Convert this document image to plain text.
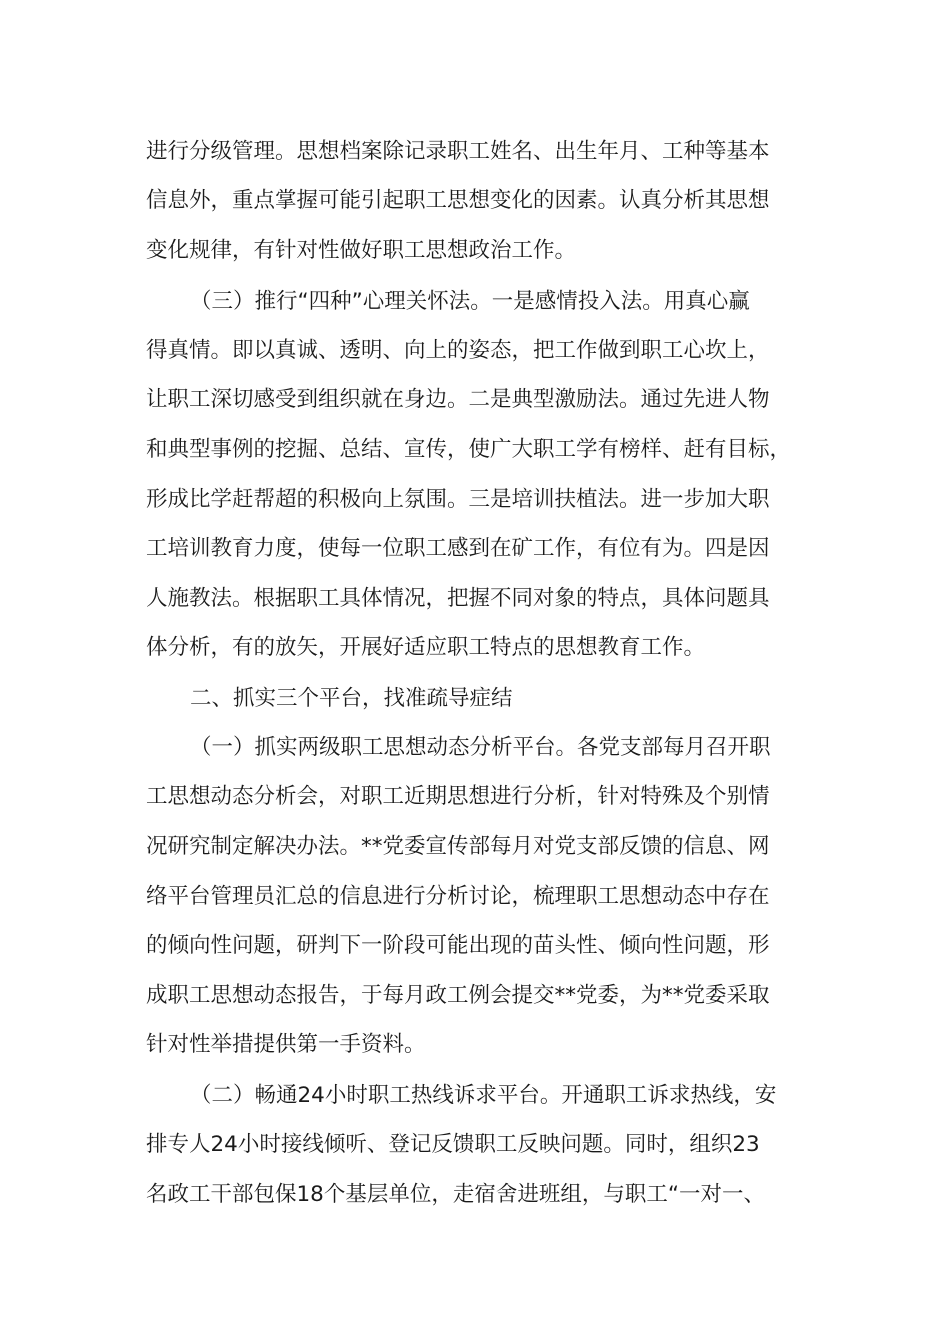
进行分级管理。思想档案除记录职工姓名、出生年月、工种等基本
信息外，重点掌握可能引起职工思想变化的因素。认真分析其思想
变化规律，有针对性做好职工思想政治工作。
（三）推行“四种”心理关怀法。一是感情投入法。用真心赢
得真情。即以真诚、透明、向上的姿态，把工作做到职工心坎上，
让职工深切感受到组织就在身边。二是典型激励法。通过先进人物
和典型事例的挖掘、总结、宣传，使广大职工学有榜样、赶有目标，
形成比学赶帮超的积极向上氛围。三是培训扶植法。进一步加大职
工培训教育力度，使每一位职工感到在矿工作，有位有为。四是因
人施教法。根据职工具体情况，把握不同对象的特点，具体问题具
体分析，有的放矢，开展好适应职工特点的思想教育工作。
二、抓实三个平台，找准疏导症结
（一）抓实两级职工思想动态分析平台。各党支部每月召开职
工思想动态分析会，对职工近期思想进行分析，针对特殊及个别情
况研究制定解决办法。**党委宣传部每月对党支部反馈的信息、网
络平台管理员汇总的信息进行分析讨论，梳理职工思想动态中存在
的倾向性问题，研判下一阶段可能出现的苗头性、倾向性问题，形
成职工思想动态报告，于每月政工例会提交**党委，为**党委采取
针对性举措提供第一手资料。
（二）畅通24小时职工热线诉求平台。开通职工诉求热线，安
排专人24小时接线倾听、登记反馈职工反映问题。同时，组织23
名政工干部包保18个基层单位，走宿舍进班组，与职工“一对一、
